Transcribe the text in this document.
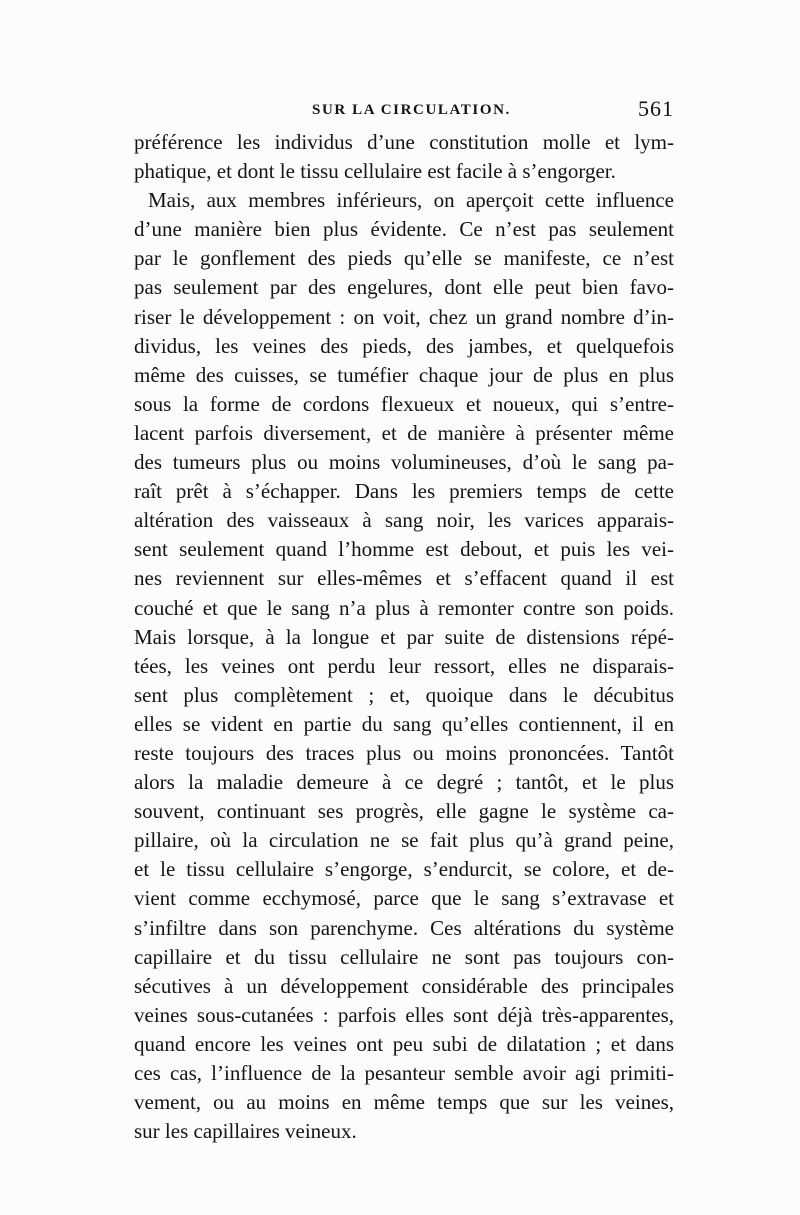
SUR LA CIRCULATION.	561
préférence les individus d’une constitution molle et lym-
phatique, et dont le tissu cellulaire est facile à s’engorger.
Mais, aux membres inférieurs, on aperçoit cette influence
d’une manière bien plus évidente. Ce n’est pas seulement
par le gonflement des pieds qu’elle se manifeste, ce n’est
pas seulement par des engelures, dont elle peut bien favo-
riser le développement : on voit, chez un grand nombre d’in-
dividus, les veines des pieds, des jambes, et quelquefois
même des cuisses, se tuméfier chaque jour de plus en plus
sous la forme de cordons flexueux et noueux, qui s’entre-
lacent parfois diversement, et de manière à présenter même
des tumeurs plus ou moins volumineuses, d’où le sang pa-
raît prêt à s’échapper. Dans les premiers temps de cette
altération des vaisseaux à sang noir, les varices apparais-
sent seulement quand l’homme est debout, et puis les vei-
nes reviennent sur elles-mêmes et s’effacent quand il est
couché et que le sang n’a plus à remonter contre son poids.
Mais lorsque, à la longue et par suite de distensions répé-
tées, les veines ont perdu leur ressort, elles ne disparais-
sent plus complètement ; et, quoique dans le décubitus
elles se vident en partie du sang qu’elles contiennent, il en
reste toujours des traces plus ou moins prononcées. Tantôt
alors la maladie demeure à ce degré ; tantôt, et le plus
souvent, continuant ses progrès, elle gagne le système ca-
pillaire, où la circulation ne se fait plus qu’à grand peine,
et le tissu cellulaire s’engorge, s’endurcit, se colore, et de-
vient comme ecchymosé, parce que le sang s’extravase et
s’infiltre dans son parenchyme. Ces altérations du système
capillaire et du tissu cellulaire ne sont pas toujours con-
sécutives à un développement considérable des principales
veines sous-cutanées : parfois elles sont déjà très-apparentes,
quand encore les veines ont peu subi de dilatation ; et dans
ces cas, l’influence de la pesanteur semble avoir agi primiti-
vement, ou au moins en même temps que sur les veines,
sur les capillaires veineux.
